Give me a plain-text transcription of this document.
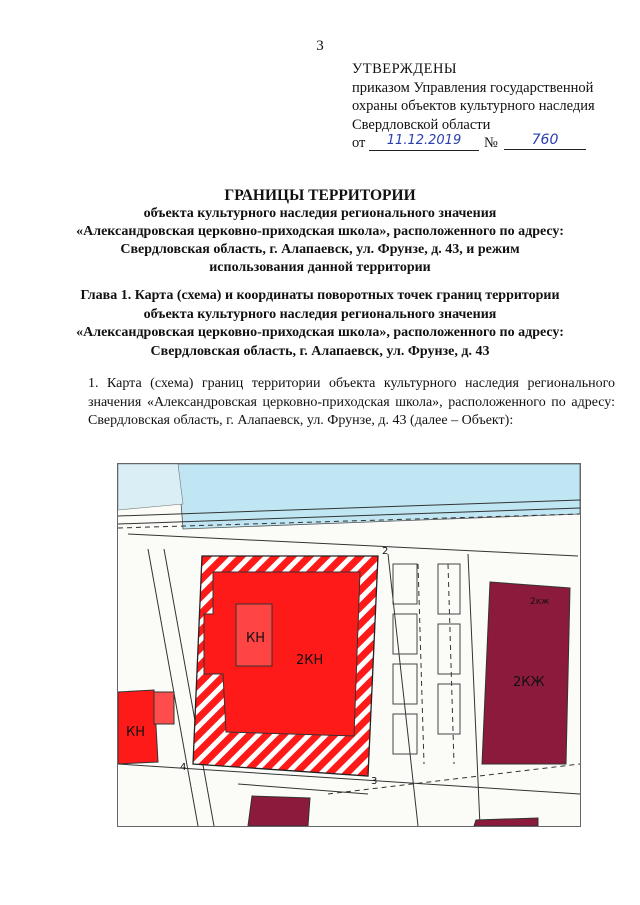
3
УТВЕРЖДЕНЫ
приказом Управления государственной
охраны объектов культурного наследия
Свердловской области
от	11.12.2019	№	760
ГРАНИЦЫ ТЕРРИТОРИИ
объекта культурного наследия регионального значения
«Александровская церковно-приходская школа», расположенного по адресу:
Свердловская область, г. Алапаевск, ул. Фрунзе, д. 43, и режим
использования данной территории
Глава 1. Карта (схема) и координаты поворотных точек границ территории
объекта культурного наследия регионального значения
«Александровская церковно-приходская школа», расположенного по адресу:
Свердловская область, г. Алапаевск, ул. Фрунзе, д. 43
1. Карта (схема) границ территории объекта культурного наследия регионального значения «Александровская церковно-приходская школа», расположенного по адресу: Свердловская область, г. Алапаевск, ул. Фрунзе, д. 43 (далее – Объект):
КН
2КН
КН
2КЖ
2кж
2
3
4
